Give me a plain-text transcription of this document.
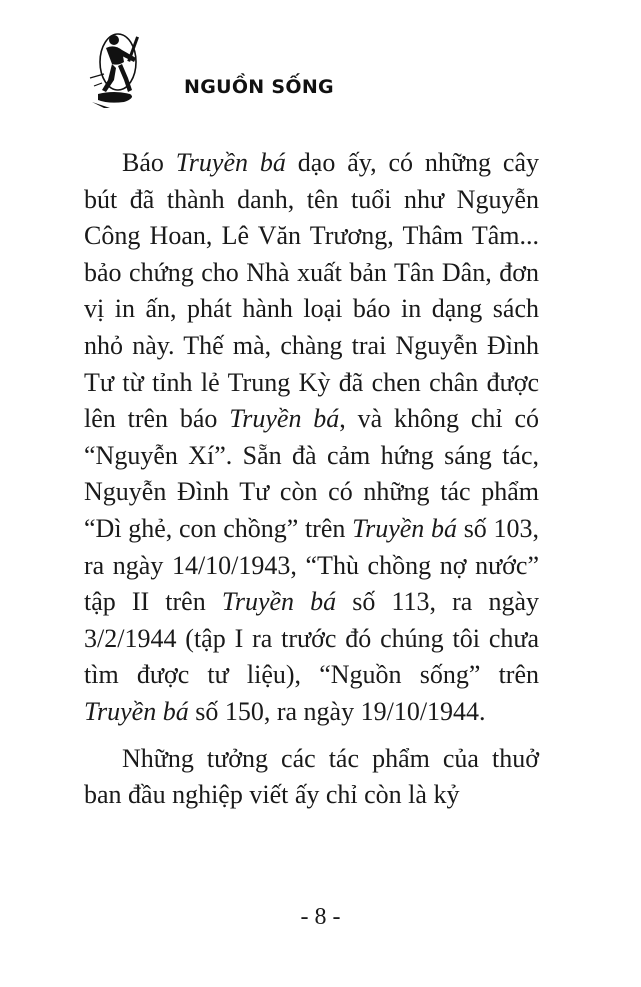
NGUỒN SỐNG

Báo Truyền bá dạo ấy, có những cây bút đã thành danh, tên tuổi như Nguyễn Công Hoan, Lê Văn Trương, Thâm Tâm... bảo chứng cho Nhà xuất bản Tân Dân, đơn vị in ấn, phát hành loại báo in dạng sách nhỏ này. Thế mà, chàng trai Nguyễn Đình Tư từ tỉnh lẻ Trung Kỳ đã chen chân được lên trên báo Truyền bá, và không chỉ có “Nguyễn Xí”. Sẵn đà cảm hứng sáng tác, Nguyễn Đình Tư còn có những tác phẩm “Dì ghẻ, con chồng” trên Truyền bá số 103, ra ngày 14/10/1943, “Thù chồng nợ nước” tập II trên Truyền bá số 113, ra ngày 3/2/1944 (tập I ra trước đó chúng tôi chưa tìm được tư liệu), “Nguồn sống” trên Truyền bá số 150, ra ngày 19/10/1944.

Những tưởng các tác phẩm của thuở ban đầu nghiệp viết ấy chỉ còn là kỷ

- 8 -
